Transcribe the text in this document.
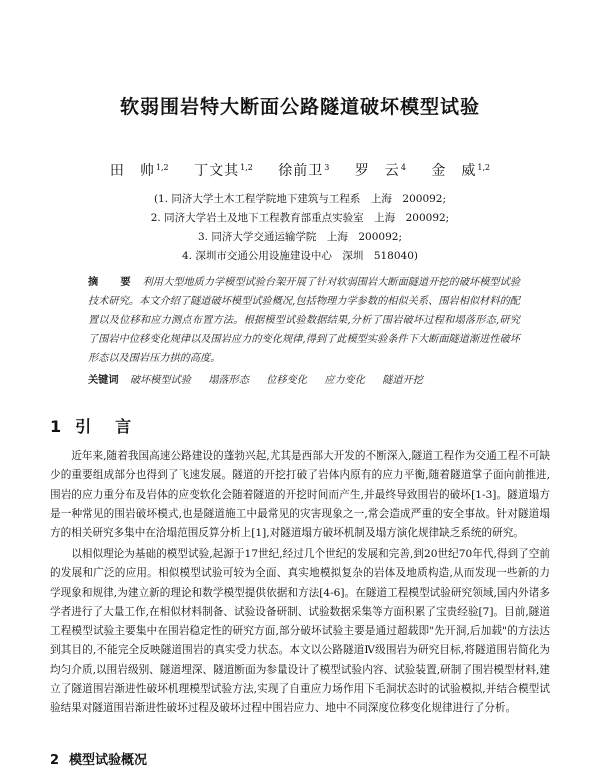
软弱围岩特大断面公路隧道破坏模型试验
田　帅$^{1,2}$ 丁文其$^{1,2}$ 徐前卫$^3$ 罗　云$^4$ 金　威$^{1,2}$
(1. 同济大学土木工程学院地下建筑与工程系　上海　200092;
2. 同济大学岩土及地下工程教育部重点实验室　上海　200092;
3. 同济大学交通运输学院　上海　200092;
4. 深圳市交通公用设施建设中心　深圳　518040)
摘　要 利用大型地质力学模型试验台架开展了针对软弱围岩大断面隧道开挖的破坏模型试验技术研究。本文介绍了隧道破坏模型试验概况,包括物理力学参数的相似关系、围岩相似材料的配置以及位移和应力测点布置方法。根据模型试验数据结果,分析了围岩破坏过程和塌落形态,研究了围岩中位移变化规律以及围岩应力的变化规律,得到了此模型实验条件下大断面隧道渐进性破坏形态以及围岩压力拱的高度。
关键词 破坏模型试验 塌落形态 位移变化 应力变化 隧道开挖
1 引　言

近年来,随着我国高速公路建设的蓬勃兴起,尤其是西部大开发的不断深入,隧道工程作为交通工程不可缺少的重要组成部分也得到了飞速发展。隧道的开挖打破了岩体内原有的应力平衡,随着隧道掌子面向前推进,围岩的应力重分布及岩体的应变软化会随着隧道的开挖时间而产生,并最终导致围岩的破坏[1-3]。隧道塌方是一种常见的围岩破坏模式,也是隧道施工中最常见的灾害现象之一,常会造成严重的安全事故。针对隧道塌方的相关研究多集中在洽塌范围反算分析上[1],对隧道塌方破坏机制及塌方演化规律缺乏系统的研究。

以相似理论为基础的模型试验,起源于17世纪,经过几个世纪的发展和完善,到20世纪70年代,得到了空前的发展和广泛的应用。相似模型试验可较为全面、真实地模拟复杂的岩体及地质构造,从而发现一些新的力学现象和规律,为建立新的理论和数学模型提供依据和方法[4-6]。在隧道工程模型试验研究领域,国内外诸多学者进行了大量工作,在相似材料制备、试验设备研制、试验数据采集等方面积累了宝贵经验[7]。目前,隧道工程模型试验主要集中在围岩稳定性的研究方面,部分破坏试验主要是通过超载即"先开洞,后加载"的方法达到其目的,不能完全反映隧道围岩的真实受力状态。本文以公路隧道Ⅳ级围岩为研究目标,将隧道围岩简化为均匀介质,以围岩级别、隧道埋深、隧道断面为参量设计了模型试验内容、试验装置,研制了围岩模型材料,建立了隧道围岩渐进性破坏机理模型试验方法,实现了自重应力场作用下毛洞状态时的试验模拟,并结合模型试验结果对隧道围岩渐进性破坏过程及破坏过程中围岩应力、地中不同深度位移变化规律进行了分析。

2 模型试验概况
